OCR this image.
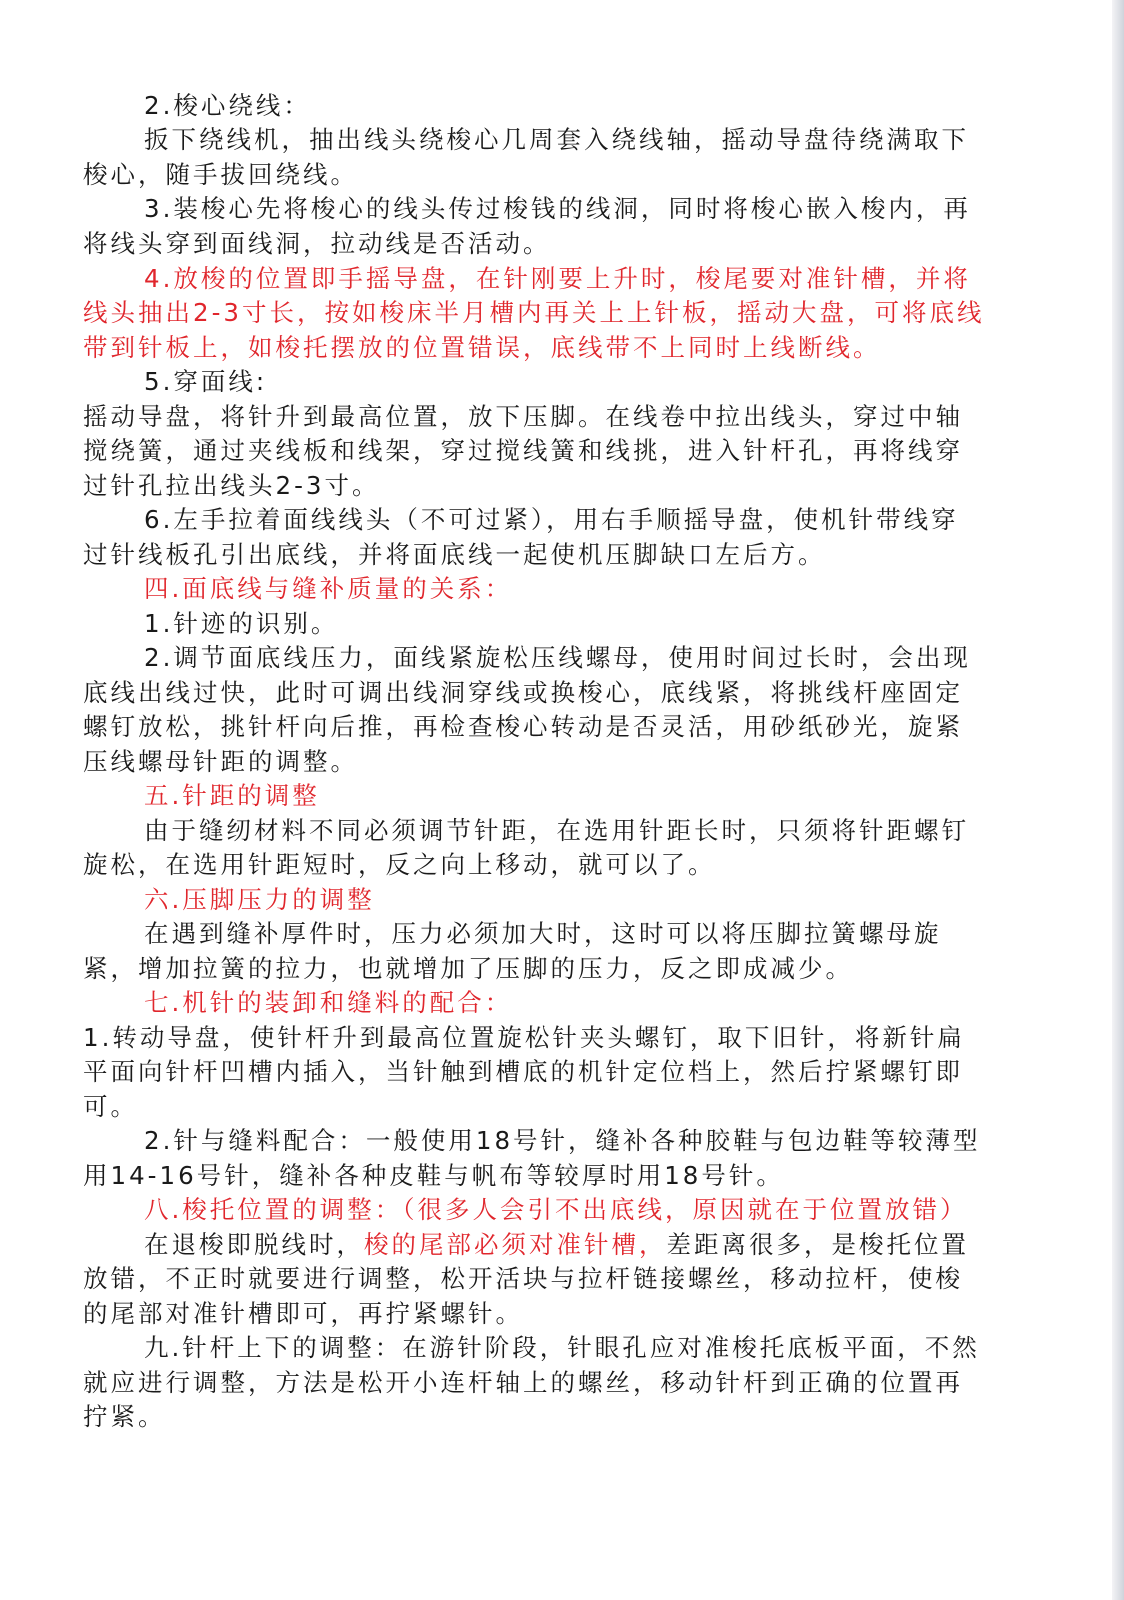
2.梭心绕线：
扳下绕线机，抽出线头绕梭心几周套入绕线轴，摇动导盘待绕满取下
梭心，随手拔回绕线。
3.装梭心先将梭心的线头传过梭钱的线洞，同时将梭心嵌入梭内，再
将线头穿到面线洞，拉动线是否活动。
4.放梭的位置即手摇导盘，在针刚要上升时，梭尾要对准针槽，并将
线头抽出2-3寸长，按如梭床半月槽内再关上上针板，摇动大盘，可将底线
带到针板上，如梭托摆放的位置错误，底线带不上同时上线断线。
5.穿面线:
摇动导盘，将针升到最高位置，放下压脚。在线卷中拉出线头，穿过中轴
搅绕簧，通过夹线板和线架，穿过搅线簧和线挑，进入针杆孔，再将线穿
过针孔拉出线头2-3寸。
6.左手拉着面线线头（不可过紧），用右手顺摇导盘，使机针带线穿
过针线板孔引出底线，并将面底线一起使机压脚缺口左后方。
四.面底线与缝补质量的关系：
1.针迹的识别。
2.调节面底线压力，面线紧旋松压线螺母，使用时间过长时，会出现
底线出线过快，此时可调出线洞穿线或换梭心，底线紧，将挑线杆座固定
螺钉放松，挑针杆向后推，再检查梭心转动是否灵活，用砂纸砂光，旋紧
压线螺母针距的调整。
五.针距的调整
由于缝纫材料不同必须调节针距，在选用针距长时，只须将针距螺钉
旋松，在选用针距短时，反之向上移动，就可以了。
六.压脚压力的调整
在遇到缝补厚件时，压力必须加大时，这时可以将压脚拉簧螺母旋
紧，增加拉簧的拉力，也就增加了压脚的压力，反之即成减少。
七.机针的装卸和缝料的配合：
1.转动导盘，使针杆升到最高位置旋松针夹头螺钉，取下旧针，将新针扁
平面向针杆凹槽内插入，当针触到槽底的机针定位档上，然后拧紧螺钉即
可。
2.针与缝料配合：一般使用18号针，缝补各种胶鞋与包边鞋等较薄型
用14-16号针，缝补各种皮鞋与帆布等较厚时用18号针。
八.梭托位置的调整：（很多人会引不出底线，原因就在于位置放错）
在退梭即脱线时，梭的尾部必须对准针槽，差距离很多，是梭托位置
放错，不正时就要进行调整，松开活块与拉杆链接螺丝，移动拉杆，使梭
的尾部对准针槽即可，再拧紧螺针。
九.针杆上下的调整：在游针阶段，针眼孔应对准梭托底板平面，不然
就应进行调整，方法是松开小连杆轴上的螺丝，移动针杆到正确的位置再
拧紧。
